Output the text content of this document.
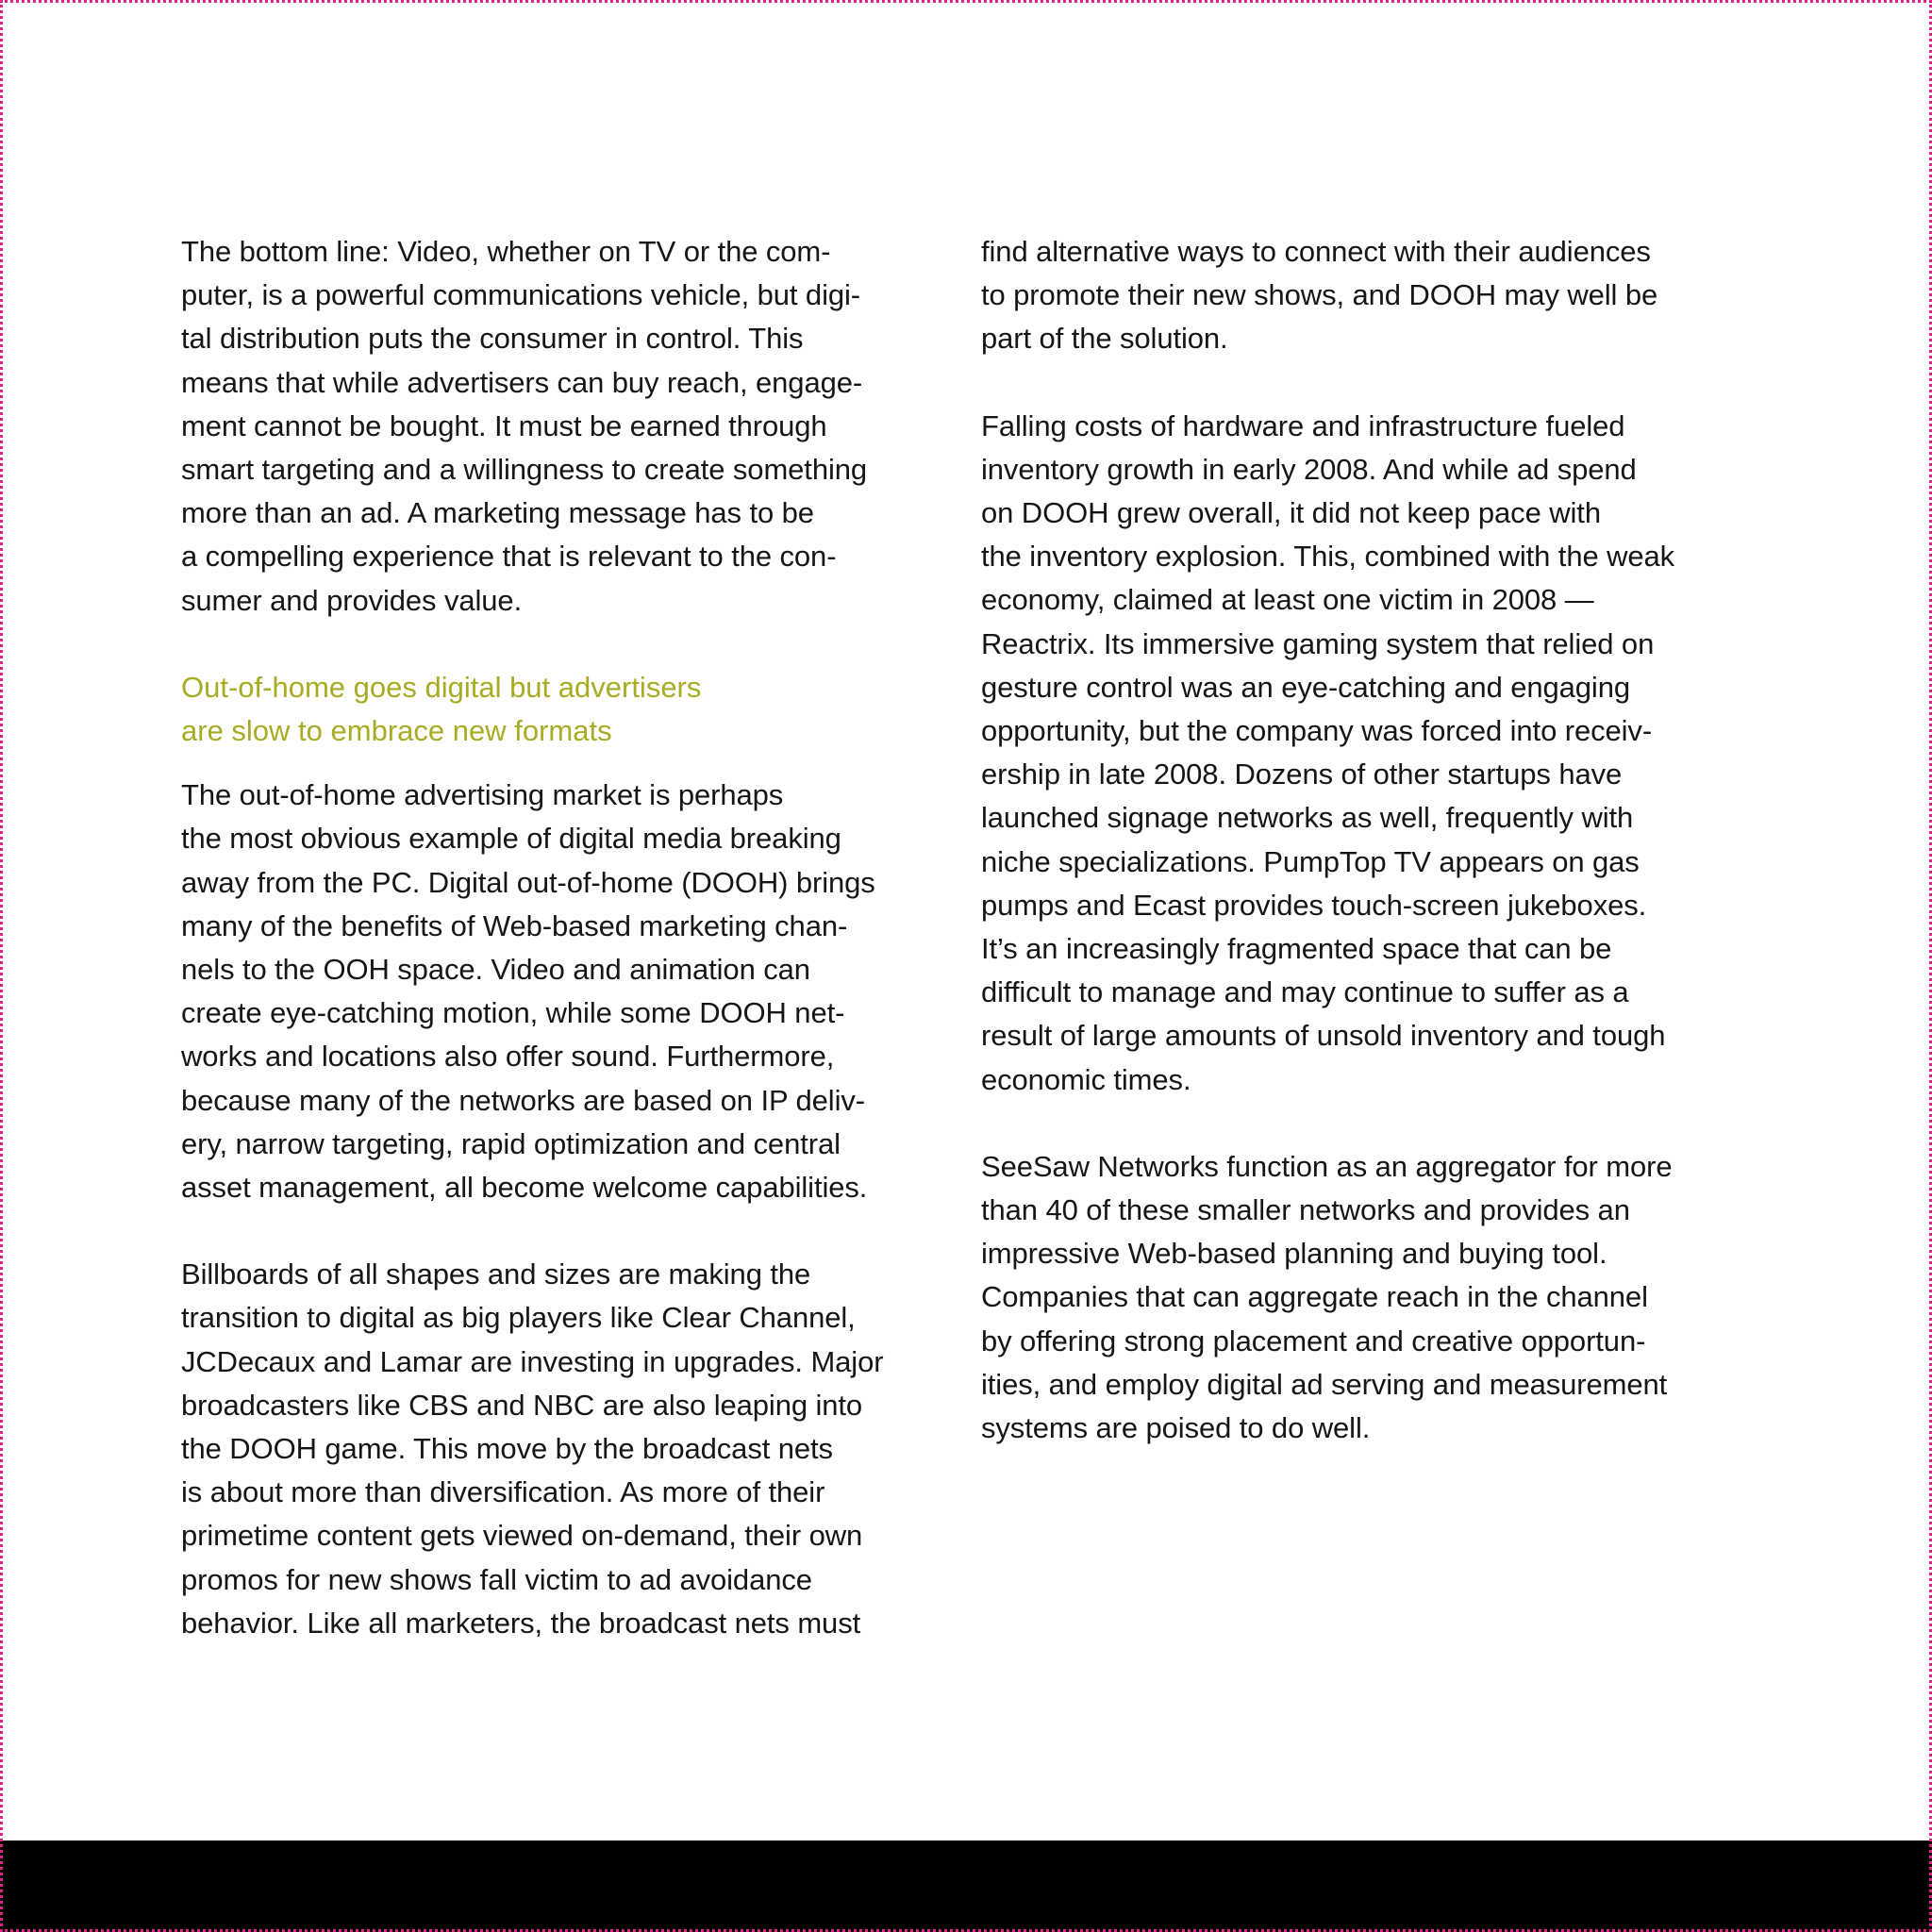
The bottom line: Video, whether on TV or the com-
puter, is a powerful communications vehicle, but digi-
tal distribution puts the consumer in control. This
means that while advertisers can buy reach, engage-
ment cannot be bought. It must be earned through
smart targeting and a willingness to create something
more than an ad. A marketing message has to be
a compelling experience that is relevant to the con-
sumer and provides value.

Out-of-home goes digital but advertisers
are slow to embrace new formats

The out-of-home advertising market is perhaps
the most obvious example of digital media breaking
away from the PC. Digital out-of-home (DOOH) brings
many of the benefits of Web-based marketing chan-
nels to the OOH space. Video and animation can
create eye-catching motion, while some DOOH net-
works and locations also offer sound. Furthermore,
because many of the networks are based on IP deliv-
ery, narrow targeting, rapid optimization and central
asset management, all become welcome capabilities.

Billboards of all shapes and sizes are making the
transition to digital as big players like Clear Channel,
JCDecaux and Lamar are investing in upgrades. Major
broadcasters like CBS and NBC are also leaping into
the DOOH game. This move by the broadcast nets
is about more than diversification. As more of their
primetime content gets viewed on-demand, their own
promos for new shows fall victim to ad avoidance
behavior. Like all marketers, the broadcast nets must

find alternative ways to connect with their audiences
to promote their new shows, and DOOH may well be
part of the solution.

Falling costs of hardware and infrastructure fueled
inventory growth in early 2008. And while ad spend
on DOOH grew overall, it did not keep pace with
the inventory explosion. This, combined with the weak
economy, claimed at least one victim in 2008 —
Reactrix. Its immersive gaming system that relied on
gesture control was an eye-catching and engaging
opportunity, but the company was forced into receiv-
ership in late 2008. Dozens of other startups have
launched signage networks as well, frequently with
niche specializations. PumpTop TV appears on gas
pumps and Ecast provides touch-screen jukeboxes.
It’s an increasingly fragmented space that can be
difficult to manage and may continue to suffer as a
result of large amounts of unsold inventory and tough
economic times.

SeeSaw Networks function as an aggregator for more
than 40 of these smaller networks and provides an
impressive Web-based planning and buying tool.
Companies that can aggregate reach in the channel
by offering strong placement and creative opportun-
ities, and employ digital ad serving and measurement
systems are poised to do well.
